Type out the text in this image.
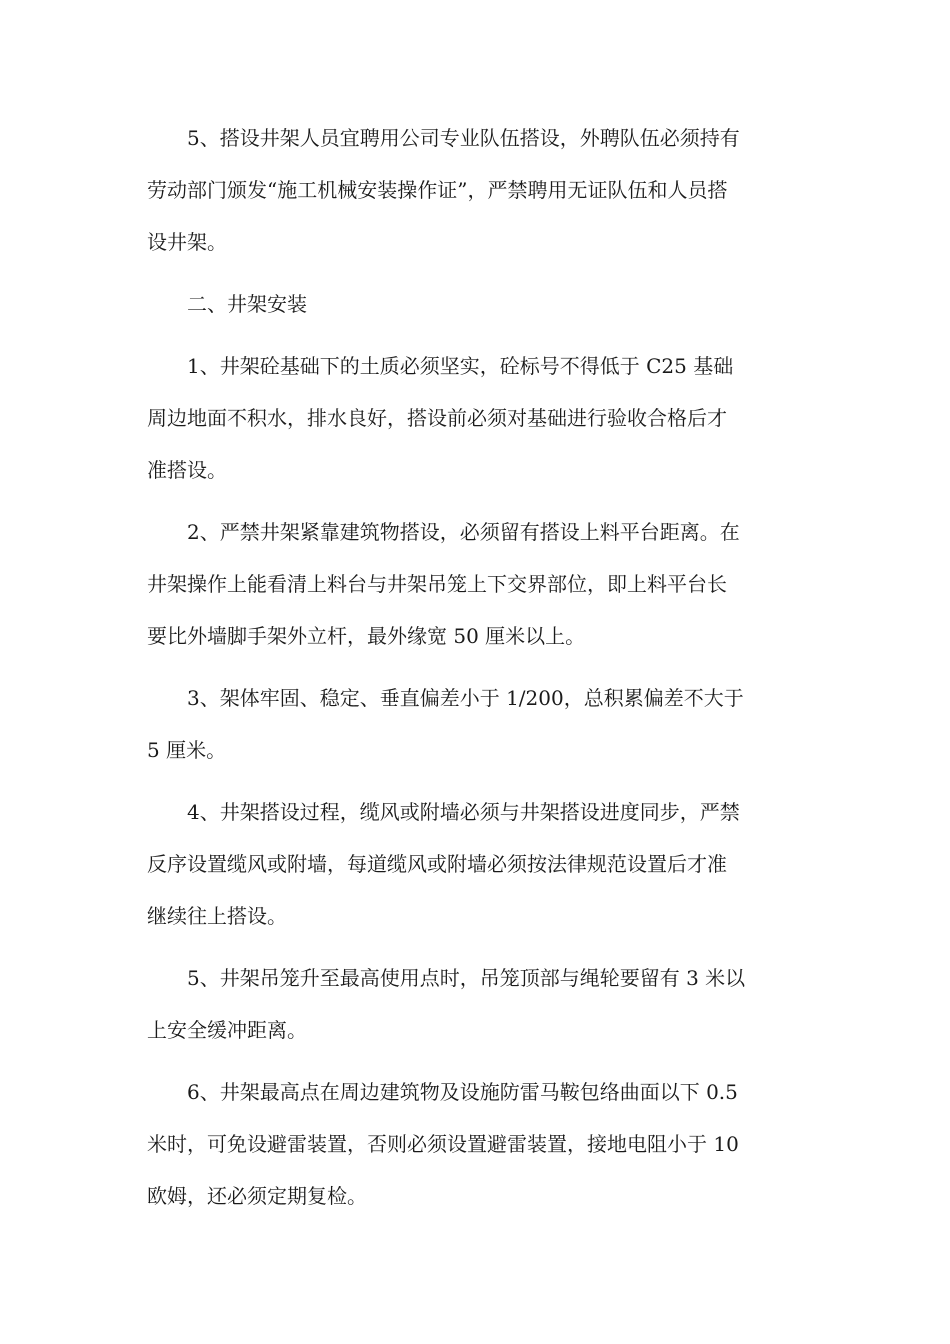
5、搭设井架人员宜聘用公司专业队伍搭设，外聘队伍必须持有
劳动部门颁发“施工机械安装操作证”，严禁聘用无证队伍和人员搭
设井架。

二、井架安装

1、井架砼基础下的土质必须坚实，砼标号不得低于 C25 基础
周边地面不积水，排水良好，搭设前必须对基础进行验收合格后才
准搭设。

2、严禁井架紧靠建筑物搭设，必须留有搭设上料平台距离。在
井架操作上能看清上料台与井架吊笼上下交界部位，即上料平台长
要比外墙脚手架外立杆，最外缘宽 50 厘米以上。

3、架体牢固、稳定、垂直偏差小于 1/200，总积累偏差不大于
5 厘米。

4、井架搭设过程，缆风或附墙必须与井架搭设进度同步，严禁
反序设置缆风或附墙，每道缆风或附墙必须按法律规范设置后才准
继续往上搭设。

5、井架吊笼升至最高使用点时，吊笼顶部与绳轮要留有 3 米以
上安全缓冲距离。

6、井架最高点在周边建筑物及设施防雷马鞍包络曲面以下 0.5
米时，可免设避雷装置，否则必须设置避雷装置，接地电阻小于 10
欧姆，还必须定期复检。
